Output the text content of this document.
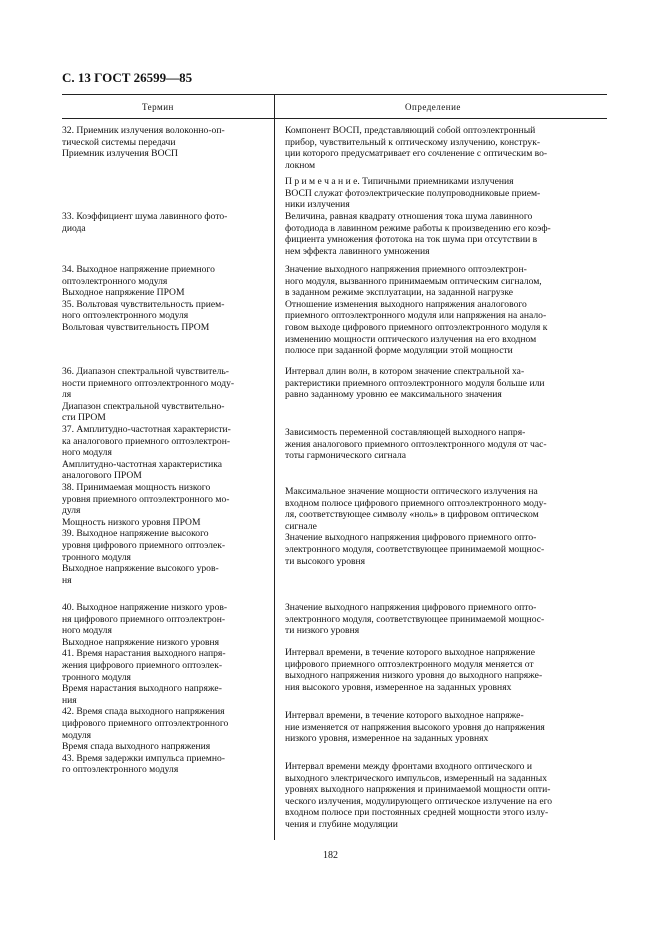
С. 13 ГОСТ 26599—85
Термин	Определение
32. Приемник излучения волоконно-оп-
тической системы передачи
Приемник излучения ВОСП
33. Коэффициент шума лавинного фото-
диода
34. Выходное напряжение приемного
оптоэлектронного модуля
Выходное напряжение ПРОМ
35. Вольтовая чувствительность прием-
ного оптоэлектронного модуля
Вольтовая чувствительность ПРОМ
36. Диапазон спектральной чувствитель-
ности приемного оптоэлектронного моду-
ля
Диапазон спектральной чувствительно-
сти ПРОМ
37. Амплитудно-частотная характеристи-
ка аналогового приемного оптоэлектрон-
ного модуля
Амплитудно-частотная характеристика
аналогового ПРОМ
38. Принимаемая мощность низкого
уровня приемного оптоэлектронного мо-
дуля
Мощность низкого уровня ПРОМ
39. Выходное напряжение высокого
уровня цифрового приемного оптоэлек-
тронного модуля
Выходное напряжение высокого уров-
ня
40. Выходное напряжение низкого уров-
ня цифрового приемного оптоэлектрон-
ного модуля
Выходное напряжение низкого уровня
41. Время нарастания выходного напря-
жения цифрового приемного оптоэлек-
тронного модуля
Время нарастания выходного напряже-
ния
42. Время спада выходного напряжения
цифрового приемного оптоэлектронного
модуля
Время спада выходного напряжения
43. Время задержки импульса приемно-
го оптоэлектронного модуля
Компонент ВОСП, представляющий собой оптоэлектронный
прибор, чувствительный к оптическому излучению, конструк-
ции которого предусматривает его сочленение с оптическим во-
локном
П р и м е ч а н и е. Типичными приемниками излучения
ВОСП служат фотоэлектрические полупроводниковые прием-
ники излучения
Величина, равная квадрату отношения тока шума лавинного
фотодиода в лавинном режиме работы к произведению его коэф-
фициента умножения фототока на ток шума при отсутствии в
нем эффекта лавинного умножения
Значение выходного напряжения приемного оптоэлектрон-
ного модуля, вызванного принимаемым оптическим сигналом,
в заданном режиме эксплуатации, на заданной нагрузке
Отношение изменения выходного напряжения аналогового
приемного оптоэлектронного модуля или напряжения на анало-
говом выходе цифрового приемного оптоэлектронного модуля к
изменению мощности оптического излучения на его входном
полюсе при заданной форме модуляции этой мощности
Интервал длин волн, в котором значение спектральной ха-
рактеристики приемного оптоэлектронного модуля больше или
равно заданному уровню ее максимального значения
Зависимость переменной составляющей выходного напря-
жения аналогового приемного оптоэлектронного модуля от час-
тоты гармонического сигнала
Максимальное значение мощности оптического излучения на
входном полюсе цифрового приемного оптоэлектронного моду-
ля, соответствующее символу «ноль» в цифровом оптическом
сигнале
Значение выходного напряжения цифрового приемного опто-
электронного модуля, соответствующее принимаемой мощнос-
ти высокого уровня
Значение выходного напряжения цифрового приемного опто-
электронного модуля, соответствующее принимаемой мощнос-
ти низкого уровня
Интервал времени, в течение которого выходное напряжение
цифрового приемного оптоэлектронного модуля меняется от
выходного напряжения низкого уровня до выходного напряже-
ния высокого уровня, измеренное на заданных уровнях
Интервал времени, в течение которого выходное напряже-
ние изменяется от напряжения высокого уровня до напряжения
низкого уровня, измеренное на заданных уровнях
Интервал времени между фронтами входного оптического и
выходного электрического импульсов, измеренный на заданных
уровнях выходного напряжения и принимаемой мощности опти-
ческого излучения, модулирующего оптическое излучение на его
входном полюсе при постоянных средней мощности этого излу-
чения и глубине модуляции
182
